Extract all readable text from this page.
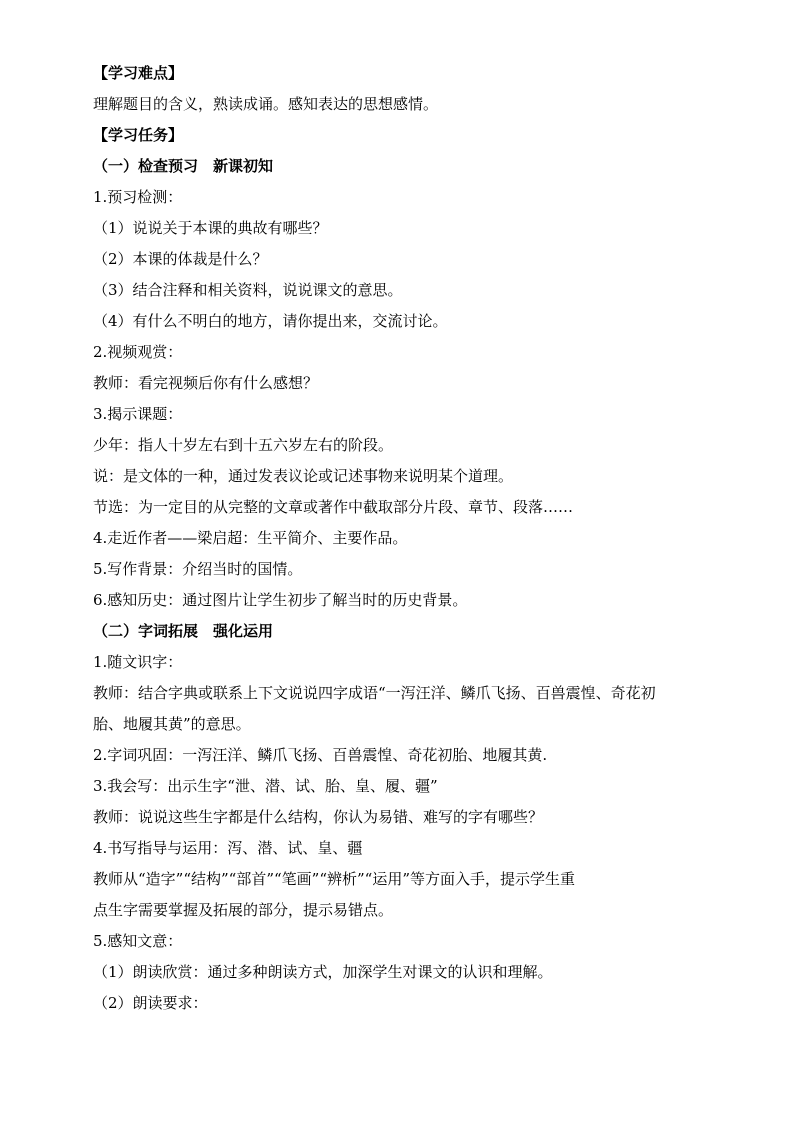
【学习难点】
理解题目的含义，熟读成诵。感知表达的思想感情。
【学习任务】
（一）检查预习　新课初知
1.预习检测：
（1）说说关于本课的典故有哪些？
（2）本课的体裁是什么？
（3）结合注释和相关资料，说说课文的意思。
（4）有什么不明白的地方，请你提出来，交流讨论。
2.视频观赏：
教师：看完视频后你有什么感想？
3.揭示课题：
少年：指人十岁左右到十五六岁左右的阶段。
说：是文体的一种，通过发表议论或记述事物来说明某个道理。
节选：为一定目的从完整的文章或著作中截取部分片段、章节、段落……
4.走近作者——梁启超：生平简介、主要作品。
5.写作背景：介绍当时的国情。
6.感知历史：通过图片让学生初步了解当时的历史背景。
（二）字词拓展　强化运用
1.随文识字：
教师：结合字典或联系上下文说说四字成语“一泻汪洋、鳞爪飞扬、百兽震惶、奇花初
胎、地履其黄”的意思。
2.字词巩固：一泻汪洋、鳞爪飞扬、百兽震惶、奇花初胎、地履其黄.
3.我会写：出示生字“泄、潜、试、胎、皇、履、疆”
教师：说说这些生字都是什么结构，你认为易错、难写的字有哪些？
4.书写指导与运用：泻、潜、试、皇、疆
教师从“造字”“结构”“部首”“笔画”“辨析”“运用”等方面入手，提示学生重
点生字需要掌握及拓展的部分，提示易错点。
5.感知文意：
（1）朗读欣赏：通过多种朗读方式，加深学生对课文的认识和理解。
（2）朗读要求：
